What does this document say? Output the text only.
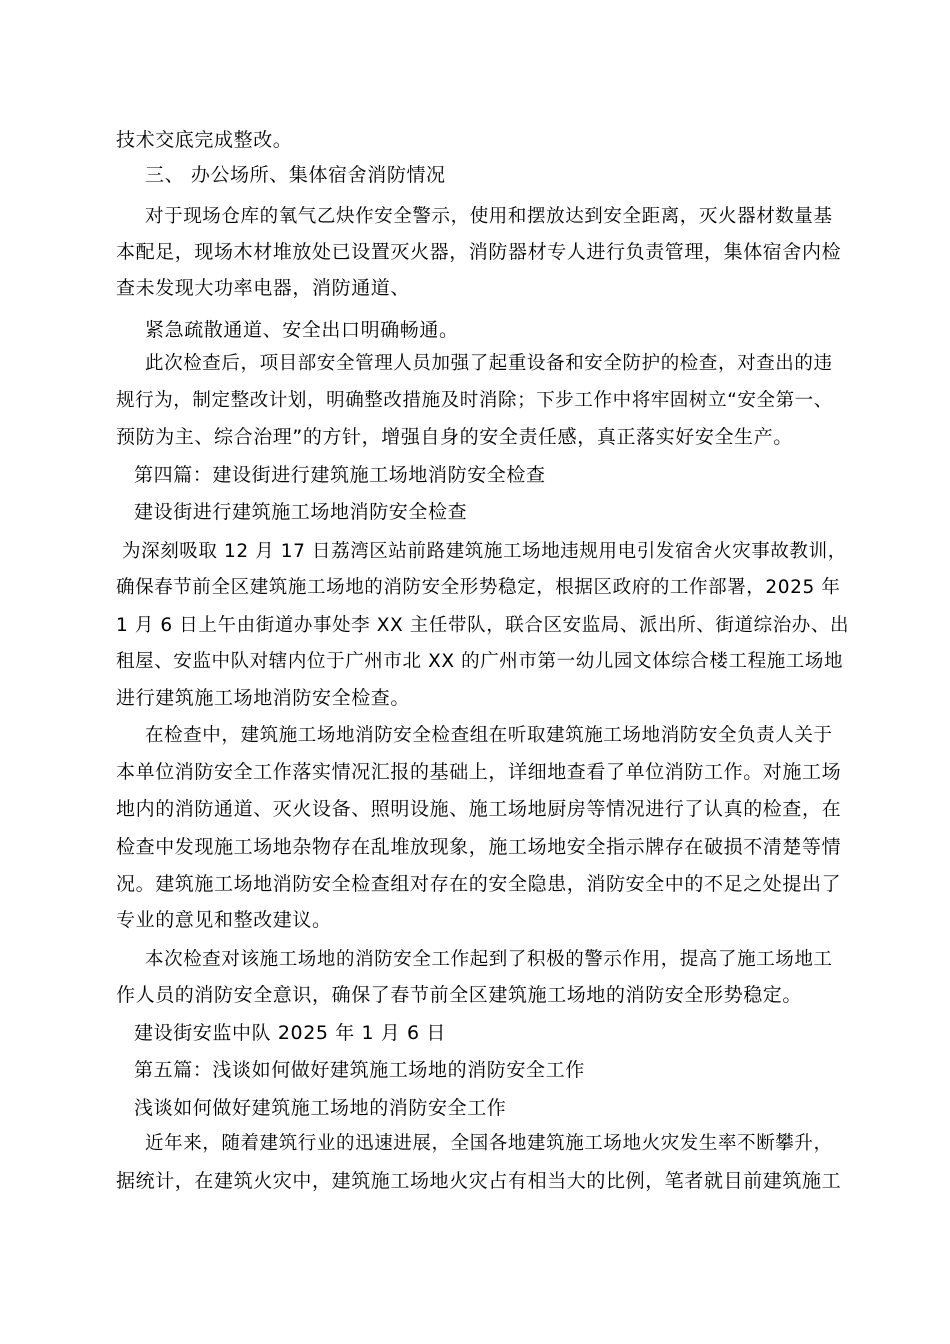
技术交底完成整改。
三、 办公场所、集体宿舍消防情况
对于现场仓库的氧气乙炔作安全警示，使用和摆放达到安全距离，灭火器材数量基
本配足，现场木材堆放处已设置灭火器，消防器材专人进行负责管理，集体宿舍内检
查未发现大功率电器，消防通道、
紧急疏散通道、安全出口明确畅通。
此次检查后，项目部安全管理人员加强了起重设备和安全防护的检查，对查出的违
规行为，制定整改计划，明确整改措施及时消除；下步工作中将牢固树立“安全第一、
预防为主、综合治理”的方针，增强自身的安全责任感，真正落实好安全生产。
第四篇：建设街进行建筑施工场地消防安全检查
建设街进行建筑施工场地消防安全检查
为深刻吸取 12 月 17 日荔湾区站前路建筑施工场地违规用电引发宿舍火灾事故教训，
确保春节前全区建筑施工场地的消防安全形势稳定，根据区政府的工作部署，2025 年
1 月 6 日上午由街道办事处李 XX 主任带队，联合区安监局、派出所、街道综治办、出
租屋、安监中队对辖内位于广州市北 XX 的广州市第一幼儿园文体综合楼工程施工场地
进行建筑施工场地消防安全检查。
在检查中，建筑施工场地消防安全检查组在听取建筑施工场地消防安全负责人关于
本单位消防安全工作落实情况汇报的基础上，详细地查看了单位消防工作。对施工场
地内的消防通道、灭火设备、照明设施、施工场地厨房等情况进行了认真的检查，在
检查中发现施工场地杂物存在乱堆放现象，施工场地安全指示牌存在破损不清楚等情
况。建筑施工场地消防安全检查组对存在的安全隐患，消防安全中的不足之处提出了
专业的意见和整改建议。
本次检查对该施工场地的消防安全工作起到了积极的警示作用，提高了施工场地工
作人员的消防安全意识，确保了春节前全区建筑施工场地的消防安全形势稳定。
建设街安监中队 2025 年 1 月 6 日
第五篇：浅谈如何做好建筑施工场地的消防安全工作
浅谈如何做好建筑施工场地的消防安全工作
近年来，随着建筑行业的迅速进展，全国各地建筑施工场地火灾发生率不断攀升，
据统计，在建筑火灾中，建筑施工场地火灾占有相当大的比例，笔者就目前建筑施工
